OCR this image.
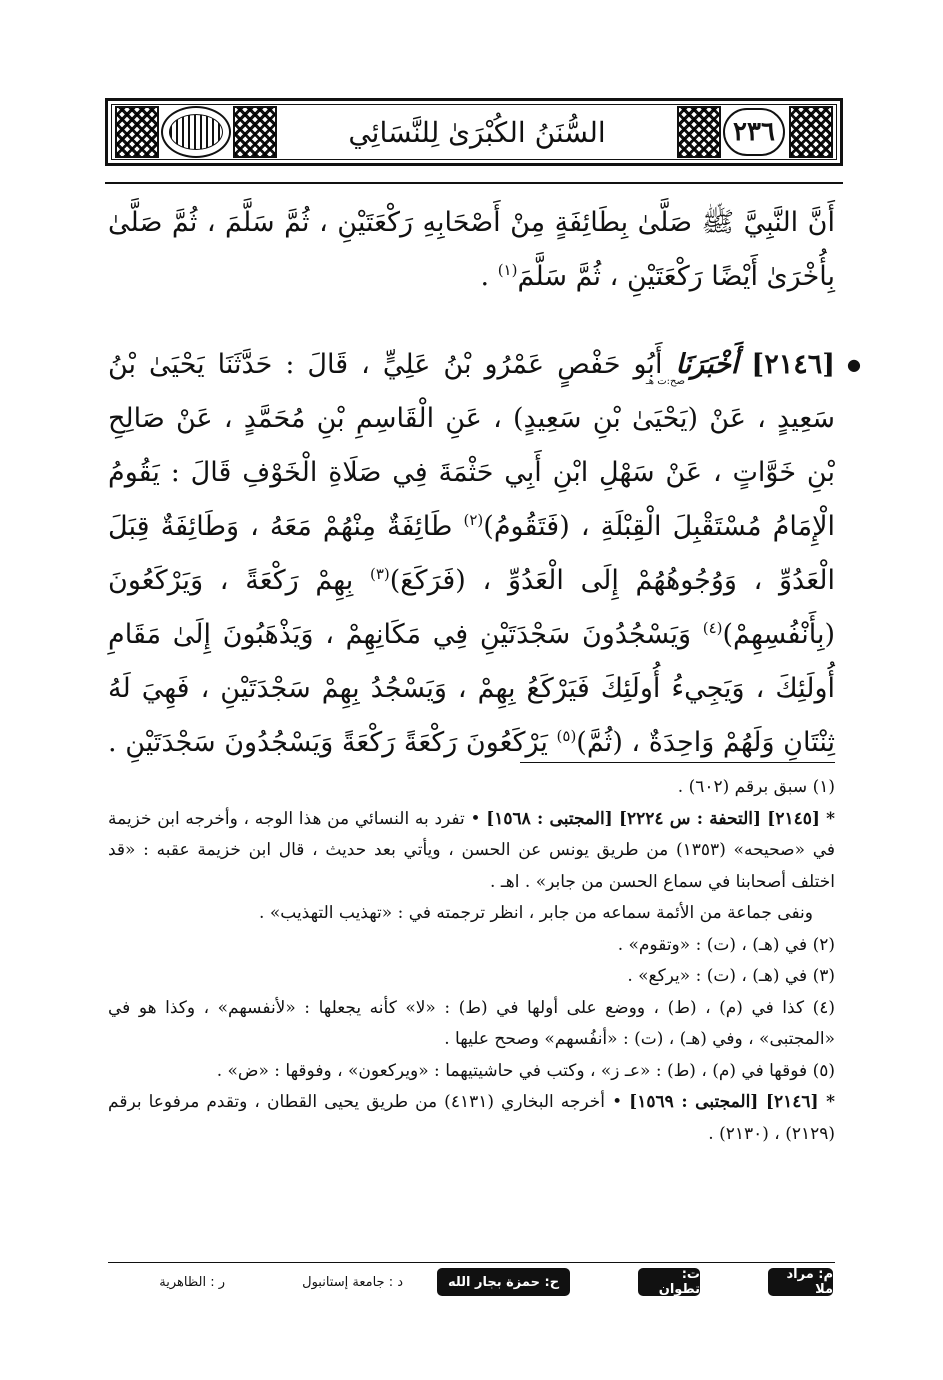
٢٣٦
السُّنَنُ الكُبْرَىٰ لِلنَّسَائِي

أَنَّ النَّبِيَّ ﷺ صَلَّىٰ بِطَائِفَةٍ مِنْ أَصْحَابِهِ رَكْعَتَيْنِ ، ثُمَّ سَلَّمَ ، ثُمَّ صَلَّىٰ بِأُخْرَىٰ أَيْضًا رَكْعَتَيْنِ ، ثُمَّ سَلَّمَ$^{(١)}$ .

●
صح:ت هـ
[٢١٤٦] أَخْبَرَنَا أَبُو حَفْصٍ عَمْرُو بْنُ عَلِيٍّ ، قَالَ : حَدَّثَنَا يَحْيَىٰ بْنُ سَعِيدٍ ، عَنْ (يَحْيَىٰ بْنِ سَعِيدٍ) ، عَنِ الْقَاسِمِ بْنِ مُحَمَّدٍ ، عَنْ صَالِحِ بْنِ خَوَّاتٍ ، عَنْ سَهْلِ ابْنِ أَبِي حَثْمَةَ فِي صَلَاةِ الْخَوْفِ قَالَ : يَقُومُ الْإِمَامُ مُسْتَقْبِلَ الْقِبْلَةِ ، (فَتَقُومُ)$^{(٢)}$ طَائِفَةٌ مِنْهُمْ مَعَهُ ، وَطَائِفَةٌ قِبَلَ الْعَدُوِّ ، وَوُجُوهُهُمْ إِلَى الْعَدُوِّ ، (فَرَكَعَ)$^{(٣)}$ بِهِمْ رَكْعَةً ، وَيَرْكَعُونَ (بِأَنْفُسِهِمْ)$^{(٤)}$ وَيَسْجُدُونَ سَجْدَتَيْنِ فِي مَكَانِهِمْ ، وَيَذْهَبُونَ إِلَىٰ مَقَامِ أُولَئِكَ ، وَيَجِيءُ أُولَئِكَ فَيَرْكَعُ بِهِمْ ، وَيَسْجُدُ بِهِمْ سَجْدَتَيْنِ ، فَهِيَ لَهُ ثِنْتَانِ وَلَهُمْ وَاحِدَةٌ ، (ثُمَّ)$^{(٥)}$ يَرْكَعُونَ رَكْعَةً رَكْعَةً وَيَسْجُدُونَ سَجْدَتَيْنِ .

(١) سبق برقم (٦٠٢) .

* [٢١٤٥] [التحفة : س ٢٢٢٤] [المجتبى : ١٥٦٨] • تفرد به النسائي من هذا الوجه ، وأخرجه ابن خزيمة في «صحيحه» (١٣٥٣) من طريق يونس عن الحسن ، ويأتي بعد حديث ، قال ابن خزيمة عقبه : «قد اختلف أصحابنا في سماع الحسن من جابر» . اهـ .

ونفى جماعة من الأئمة سماعه من جابر ، انظر ترجمته في : «تهذيب التهذيب» .

(٢) في (هـ) ، (ت) : «وتقوم» .

(٣) في (هـ) ، (ت) : «يركع» .

(٤) كذا في (م) ، (ط) ، ووضع على أولها في (ط) : «لا» كأنه يجعلها : «لأنفسهم» ، وكذا هو في «المجتبى» ، وفي (هـ) ، (ت) : «أنفُسهم» وصحح عليها .

(٥) فوقها في (م) ، (ط) : «عـ ز» ، وكتب في حاشيتيهما : «ويركعون» ، وفوقها : «ض» .

* [٢١٤٦] [المجتبى : ١٥٦٩] • أخرجه البخاري (٤١٣١) من طريق يحيى القطان ، وتقدم مرفوعا برقم (٢١٢٩) ، (٢١٣٠) .

م: مراد ملا
ت: تطوان
ح: حمزة بجار الله
د : جامعة إستانبول
ر : الظاهرية
